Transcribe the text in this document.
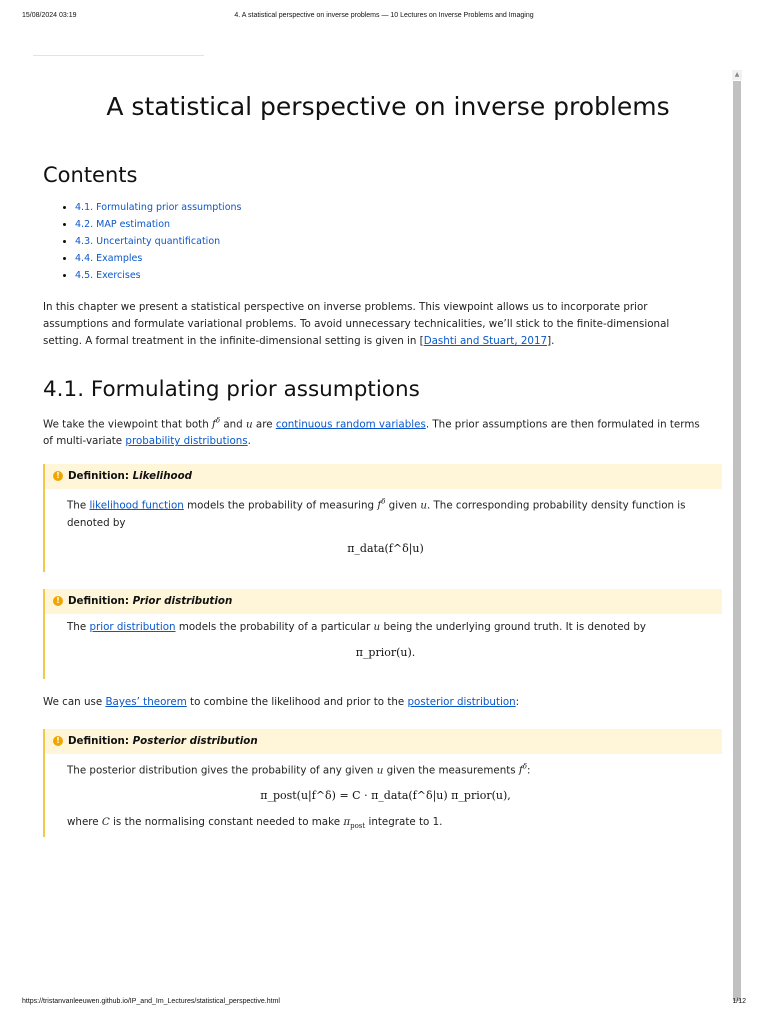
15/08/2024 03:19	4. A statistical perspective on inverse problems — 10 Lectures on Inverse Problems and Imaging
▲
A statistical perspective on inverse problems
Contents
• 4.1. Formulating prior assumptions
• 4.2. MAP estimation
• 4.3. Uncertainty quantification
• 4.4. Examples
• 4.5. Exercises

In this chapter we present a statistical perspective on inverse problems. This viewpoint allows us to incorporate prior assumptions and formulate variational problems. To avoid unnecessary technicalities, we’ll stick to the finite-dimensional setting. A formal treatment in the infinite-dimensional setting is given in [Dashti and Stuart, 2017].

4.1. Formulating prior assumptions

We take the viewpoint that both $f^\delta$ and u are continuous random variables. The prior assumptions are then formulated in terms of multi-variate probability distributions.

! Definition: Likelihood
The likelihood function models the probability of measuring $f^\delta$ given u. The corresponding probability density function is denoted by
π_data(f^δ|u)
! Definition: Prior distribution
The prior distribution models the probability of a particular u being the underlying ground truth. It is denoted by
π_prior(u).

We can use Bayes’ theorem to combine the likelihood and prior to the posterior distribution:

! Definition: Posterior distribution
The posterior distribution gives the probability of any given u given the measurements $f^\delta$:
π_post(u|f^δ) = C · π_data(f^δ|u) π_prior(u),
where C is the normalising constant needed to make $\pi_{post}$ integrate to 1.
https://tristanvanleeuwen.github.io/IP_and_Im_Lectures/statistical_perspective.html	1/12
